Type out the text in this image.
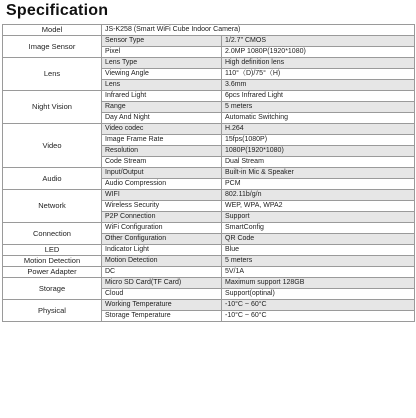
Specification
Model	JS-K258 (Smart WiFi Cube Indoor Camera)	
Image Sensor	Sensor Type	1/2.7" CMOS
	Pixel	2.0MP 1080P(1920*1080)
Lens	Lens Type	High definition lens
	Viewing Angle	110°（D)/75°（H)
	Lens	3.6mm
Night Vision	Infrared Light	6pcs Infrared Light
	Range	5 meters
	Day And Night	Automatic Switching
Video	Video codec	H.264
	Image Frame Rate	15fps(1080P)
	Resolution	1080P(1920*1080)
	Code Stream	Dual Stream
Audio	Input/Output	Built-in Mic & Speaker
	Audio Compression	PCM
Network	WIFI	802.11b/g/n
	Wireless Security	WEP, WPA, WPA2
	P2P Connection	Support
Connection	WiFi Configuration	SmartConfig
	Other Configuration	QR Code
LED	Indicator Light	Blue
Motion Detection	Motion Detection	5 meters
Power Adapter	DC	5V/1A
Storage	Micro SD Card(TF Card)	Maximum support 128GB
	Cloud	Support(optinal)
Physical	Working Temperature	-10°C ~ 60°C
	Storage Temperature	-10°C ~ 60°C
